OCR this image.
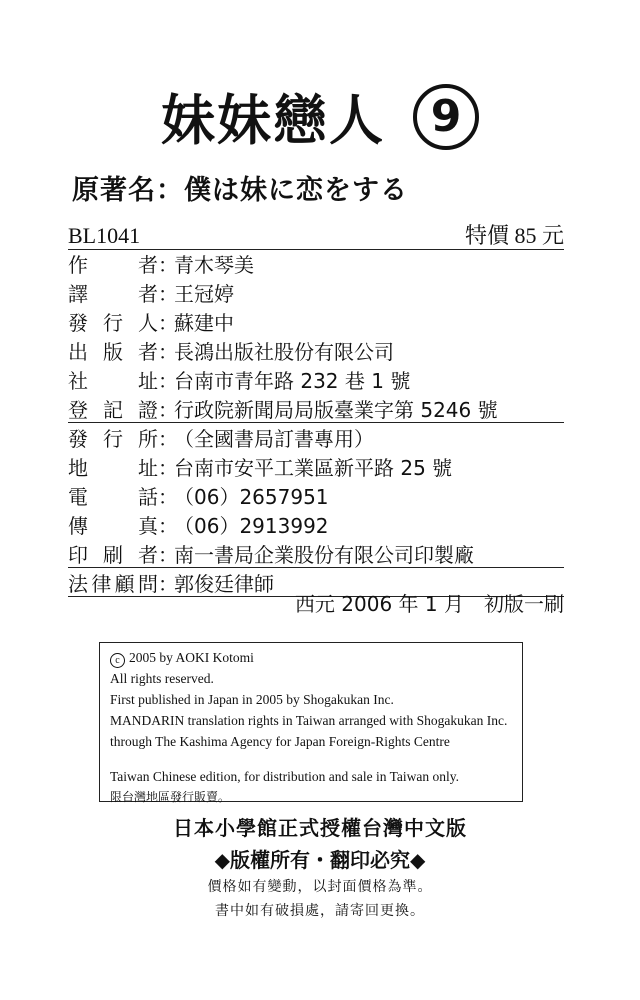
妹妹戀人	9
原著名：僕は妹に恋をする
BL1041	特價 85 元
作	者 ：
青木琴美
譯	者 ：
王冠婷
發 行 人 ：
蘇建中
出 版 者 ：
長鴻出版社股份有限公司
社	址 ：
台南市青年路 232 巷 1 號
登 記 證 ：
行政院新聞局局版臺業字第 5246 號
發 行 所 ：
（全國書局訂書專用）
地	址 ：
台南市安平工業區新平路 25 號
電	話 ：
（06）2657951
傳	真 ：
（06）2913992
印 刷 者 ：
南一書局企業股份有限公司印製廠
法 律 顧 問 ：
郭俊廷律師
西元 2006 年 1 月　初版一刷
c 2005 by AOKI Kotomi
All rights reserved.
First published in Japan in 2005 by Shogakukan Inc.
MANDARIN translation rights in Taiwan arranged with Shogakukan Inc.
through The Kashima Agency for Japan Foreign-Rights Centre
Taiwan Chinese edition, for distribution and sale in Taiwan only.
限台灣地區發行販賣。
日本小學館正式授權台灣中文版
◆版權所有・翻印必究◆
價格如有變動，以封面價格為準。
書中如有破損處，請寄回更換。
